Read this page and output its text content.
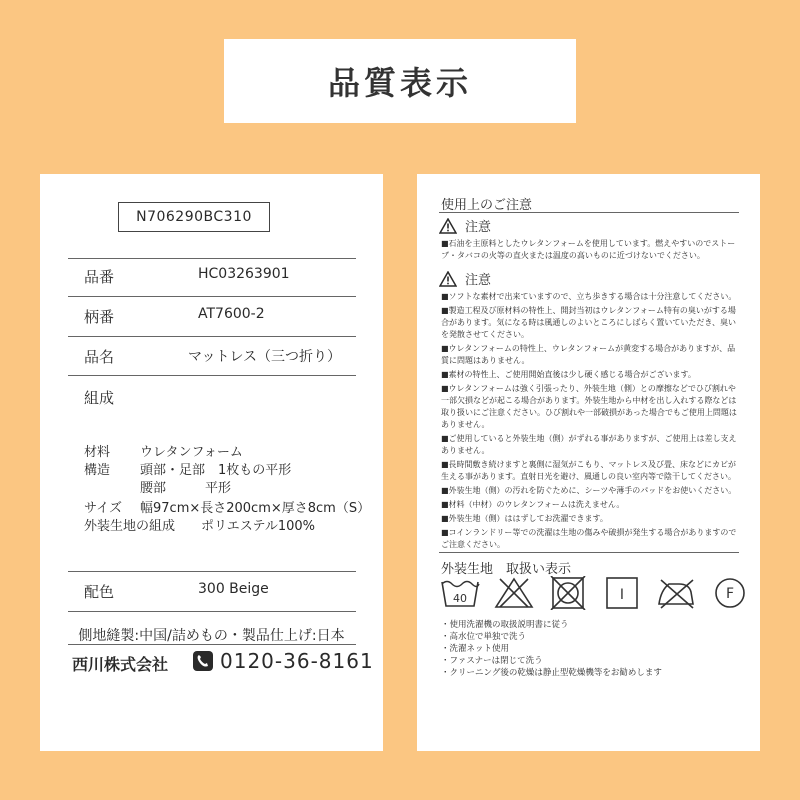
品質表示
N706290BC310
品番	HC03263901
柄番	AT7600-2
品名	マットレス（三つ折り）
組成
材料 ウレタンフォーム
構造 頭部・足部　1枚もの平形
腰部　　　平形
サイズ 幅97cm×長さ200cm×厚さ8cm（S）
外装生地の組成　　 ポリエステル100%
配色	300 Beige
側地縫製:中国/詰めもの・製品仕上げ:日本
西川株式会社	0120-36-8161
使用上のご注意
注意
■石油を主原料としたウレタンフォームを使用しています。燃えやすいのでストーブ・タバコの火等の直火または温度の高いものに近づけないでください。
注意

■ソフトな素材で出来ていますので、立ち歩きする場合は十分注意してください。

■製造工程及び原材料の特性上、開封当初はウレタンフォーム特有の臭いがする場合があります。気になる時は風通しのよいところにしばらく置いていただき、臭いを発散させてください。

■ウレタンフォームの特性上、ウレタンフォームが黄変する場合がありますが、品質に問題はありません。

■素材の特性上、ご使用開始直後は少し硬く感じる場合がございます。

■ウレタンフォームは強く引張ったり、外装生地（側）との摩擦などでひび割れや一部欠損などが起こる場合があります。外装生地から中材を出し入れする際などは取り扱いにご注意ください。ひび割れや一部破損があった場合でもご使用上問題はありません。

■ご使用していると外装生地（側）がずれる事がありますが、ご使用上は差し支えありません。

■長時間敷き続けますと裏側に湿気がこもり、マットレス及び畳、床などにカビが生える事があります。直射日光を避け、風通しの良い室内等で陰干してください。

■外装生地（側）の汚れを防ぐために、シーツや薄手のパッドをお使いください。

■材料（中材）のウレタンフォームは洗えません。

■外装生地（側）ははずしてお洗濯できます。

■コインランドリー等での洗濯は生地の傷みや破損が発生する場合がありますのでご注意ください。

外装生地　取扱い表示
40	Ⅰ	F
・使用洗濯機の取扱説明書に従う
・高水位で単独で洗う
・洗濯ネット使用
・ファスナーは閉じて洗う
・クリーニング後の乾燥は静止型乾燥機等をお勧めします
